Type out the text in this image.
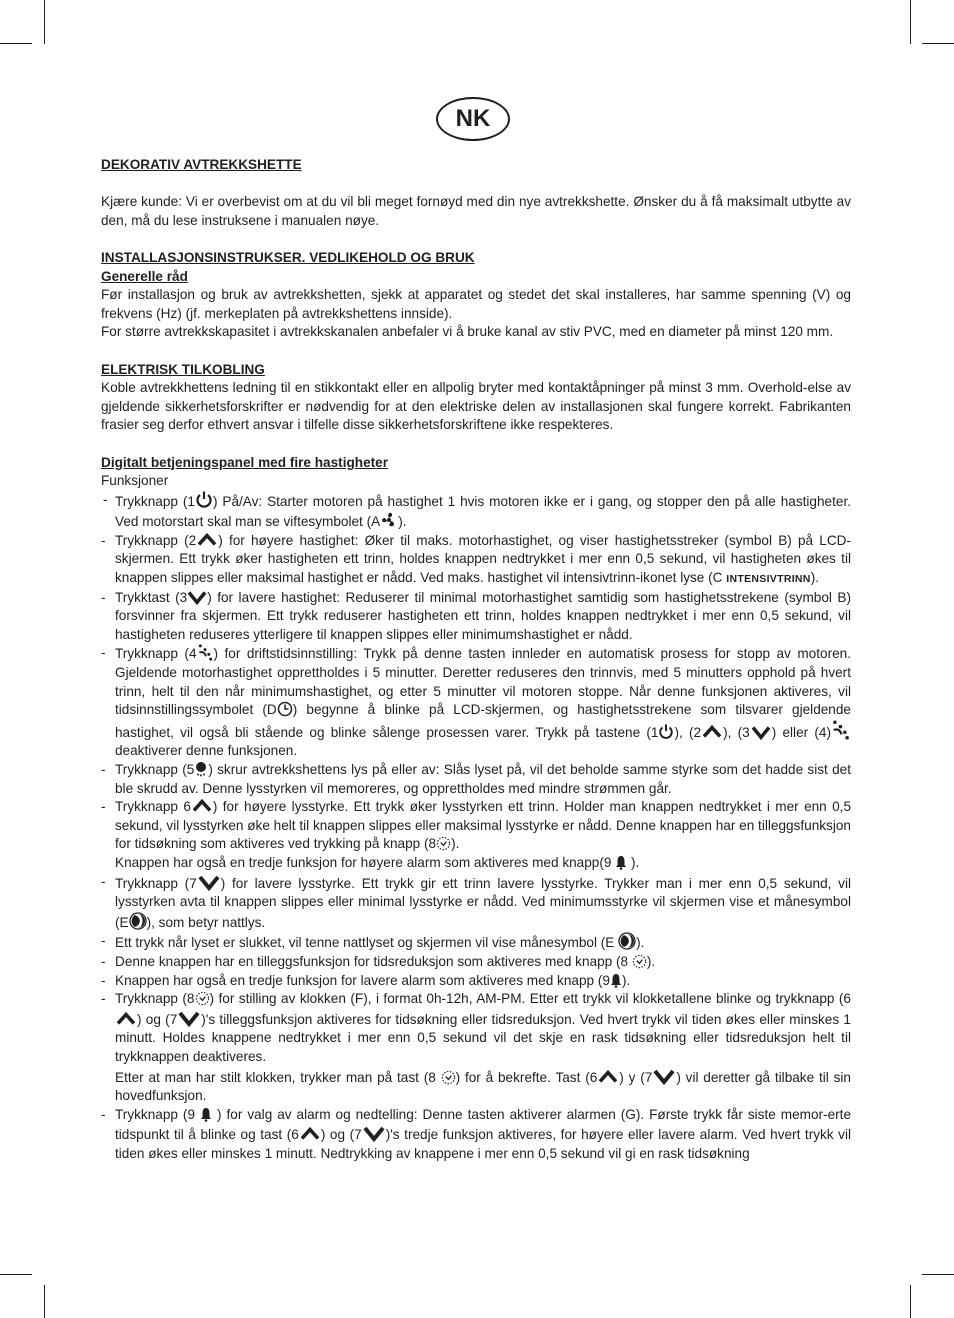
NK
DEKORATIV AVTREKKSHETTE
Kjære kunde: Vi er overbevist om at du vil bli meget fornøyd med din nye avtrekkshette. Ønsker du å få maksimalt utbytte av den, må du lese instruksene i manualen nøye.
INSTALLASJONSINSTRUKSER. VEDLIKEHOLD OG BRUK
Generelle råd
Før installasjon og bruk av avtrekkshetten, sjekk at apparatet og stedet det skal installeres, har samme spenning (V) og frekvens (Hz) (jf. merkeplaten på avtrekkshettens innside).
For større avtrekkskapasitet i avtrekkskanalen anbefaler vi å bruke kanal av stiv PVC, med en diameter på minst 120 mm.
ELEKTRISK TILKOBLING
Koble avtrekkhettens ledning til en stikkontakt eller en allpolig bryter med kontaktåpninger på minst 3 mm. Overhold-else av gjeldende sikkerhetsforskrifter er nødvendig for at den elektriske delen av installasjonen skal fungere korrekt. Fabrikanten frasier seg derfor ethvert ansvar i tilfelle disse sikkerhetsforskriftene ikke respekteres.
Digitalt betjeningspanel med fire hastigheter
Funksjoner
- Trykknapp (1 ) På/Av: Starter motoren på hastighet 1 hvis motoren ikke er i gang, og stopper den på alle hastigheter. Ved motorstart skal man se viftesymbolet (A ).
- Trykknapp (2 ) for høyere hastighet: Øker til maks. motorhastighet, og viser hastighetsstreker (symbol B) på LCD-skjermen. Ett trykk øker hastigheten ett trinn, holdes knappen nedtrykket i mer enn 0,5 sekund, vil hastigheten økes til knappen slippes eller maksimal hastighet er nådd. Ved maks. hastighet vil intensivtrinn-ikonet lyse (C INTENSIVTRINN).
- Trykktast (3 ) for lavere hastighet: Reduserer til minimal motorhastighet samtidig som hastighetsstrekene (symbol B) forsvinner fra skjermen. Ett trykk reduserer hastigheten ett trinn, holdes knappen nedtrykket i mer enn 0,5 sekund, vil hastigheten reduseres ytterligere til knappen slippes eller minimumshastighet er nådd.
- Trykknapp (4 ) for driftstidsinnstilling: Trykk på denne tasten innleder en automatisk prosess for stopp av motoren. Gjeldende motorhastighet opprettholdes i 5 minutter. Deretter reduseres den trinnvis, med 5 minutters opphold på hvert trinn, helt til den når minimumshastighet, og etter 5 minutter vil motoren stoppe. Når denne funksjonen aktiveres, vil tidsinnstillingssymbolet (D ) begynne å blinke på LCD-skjermen, og hastighetsstrekene som tilsvarer gjeldende hastighet, vil også bli stående og blinke sålenge prosessen varer. Trykk på tastene (1 ), (2 ), (3 ) eller (4)
deaktiverer denne funksjonen.
- Trykknapp (5 ) skrur avtrekkshettens lys på eller av: Slås lyset på, vil det beholde samme styrke som det hadde sist det ble skrudd av. Denne lysstyrken vil memoreres, og opprettholdes med mindre strømmen går.
- Trykknapp 6 ) for høyere lysstyrke. Ett trykk øker lysstyrken ett trinn. Holder man knappen nedtrykket i mer enn 0,5 sekund, vil lysstyrken øke helt til knappen slippes eller maksimal lysstyrke er nådd. Denne knappen har en tilleggsfunksjon for tidsøkning som aktiveres ved trykking på knapp (8 ).
Knappen har også en tredje funksjon for høyere alarm som aktiveres med knapp(9 ).
- Trykknapp (7 ) for lavere lysstyrke. Ett trykk gir ett trinn lavere lysstyrke. Trykker man i mer enn 0,5 sekund, vil lysstyrken avta til knappen slippes eller minimal lysstyrke er nådd. Ved minimumsstyrke vil skjermen vise et månesymbol (E ), som betyr nattlys.
- Ett trykk når lyset er slukket, vil tenne nattlyset og skjermen vil vise månesymbol (E ).
- Denne knappen har en tilleggsfunksjon for tidsreduksjon som aktiveres med knapp (8 ).
- Knappen har også en tredje funksjon for lavere alarm som aktiveres med knapp (9 ).
- Trykknapp (8 ) for stilling av klokken (F), i format 0h-12h, AM-PM. Etter ett trykk vil klokketallene blinke og trykknapp (6
) og (7 )'s tilleggsfunksjon aktiveres for tidsøkning eller tidsreduksjon. Ved hvert trykk vil tiden økes eller minskes 1 minutt. Holdes knappene nedtrykket i mer enn 0,5 sekund vil det skje en rask tidsøkning eller tidsreduksjon helt til trykknappen deaktiveres.
Etter at man har stilt klokken, trykker man på tast (8 ) for å bekrefte. Tast (6 ) y (7 ) vil deretter gå tilbake til sin hovedfunksjon.
- Trykknapp (9 ) for valg av alarm og nedtelling: Denne tasten aktiverer alarmen (G). Første trykk får siste memor-erte tidspunkt til å blinke og tast (6 ) og (7 )'s tredje funksjon aktiveres, for høyere eller lavere alarm. Ved hvert trykk vil tiden økes eller minskes 1 minutt. Nedtrykking av knappene i mer enn 0,5 sekund vil gi en rask tidsøkning
